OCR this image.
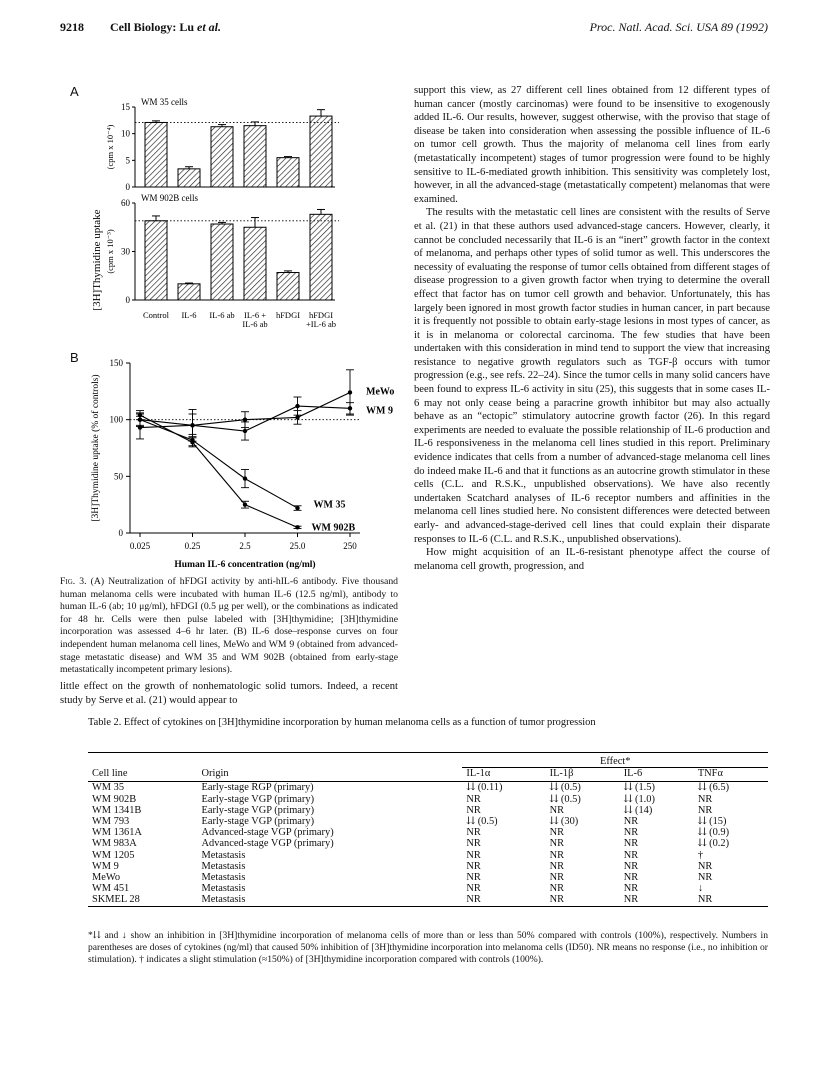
9218 Cell Biology: Lu et al.	Proc. Natl. Acad. Sci. USA 89 (1992)
A
B
[3H]Thymidine uptake
0
5
10
15 WM 35 cells
(cpm x 10⁻⁴)
0
30
60 WM 902B cells
(cpm x 10⁻³)
Control IL-6 IL-6 ab IL-6 +
IL-6 ab
hFDGI hFDGI
+IL-6 ab
0
50
100
150
0.025	0.25	2.5	25.0	250
Human IL-6 concentration (ng/ml)
[3H]Thymidine uptake (% of controls)	MeWo
WM 9
WM 35
WM 902B
Fig. 3. (A) Neutralization of hFDGI activity by anti-hIL-6 antibody. Five thousand human melanoma cells were incubated with human IL-6 (12.5 ng/ml), antibody to human IL-6 (ab; 10 μg/ml), hFDGI (0.5 μg per well), or the combinations as indicated for 48 hr. Cells were then pulse labeled with [3H]thymidine; [3H]thymidine incorporation was assessed 4–6 hr later. (B) IL-6 dose–response curves on four independent human melanoma cell lines, MeWo and WM 9 (obtained from advanced-stage metastatic disease) and WM 35 and WM 902B (obtained from early-stage metastatically incompetent primary lesions).

little effect on the growth of nonhematologic solid tumors. Indeed, a recent study by Serve et al. (21) would appear to

support this view, as 27 different cell lines obtained from 12 different types of human cancer (mostly carcinomas) were found to be insensitive to exogenously added IL-6. Our results, however, suggest otherwise, with the proviso that stage of disease be taken into consideration when assessing the possible influence of IL-6 on tumor cell growth. Thus the majority of melanoma cell lines from early (metastatically incompetent) stages of tumor progression were found to be highly sensitive to IL-6-mediated growth inhibition. This sensitivity was completely lost, however, in all the advanced-stage (metastatically competent) melanomas that were examined.

The results with the metastatic cell lines are consistent with the results of Serve et al. (21) in that these authors used advanced-stage cancers. However, clearly, it cannot be concluded necessarily that IL-6 is an “inert” growth factor in the context of melanoma, and perhaps other types of solid tumor as well. This underscores the necessity of evaluating the response of tumor cells obtained from different stages of disease progression to a given growth factor when trying to determine the overall effect that factor has on tumor cell growth and behavior. Unfortunately, this has largely been ignored in most growth factor studies in human cancer, in part because it is frequently not possible to obtain early-stage lesions in most types of cancer, as it is in melanoma or colorectal carcinoma. The few studies that have been undertaken with this consideration in mind tend to support the view that increasing resistance to negative growth regulators such as TGF-β occurs with tumor progression (e.g., see refs. 22–24). Since the tumor cells in many solid cancers have been found to express IL-6 activity in situ (25), this suggests that in some cases IL-6 may not only cease being a paracrine growth inhibitor but may also actually behave as an “ectopic” stimulatory autocrine growth factor (26). In this regard experiments are needed to evaluate the possible relationship of IL-6 production and IL-6 responsiveness in the melanoma cell lines studied in this report. Preliminary evidence indicates that cells from a number of advanced-stage melanoma cell lines do indeed make IL-6 and that it functions as an autocrine growth stimulator in these cells (C.L. and R.S.K., unpublished observations). We have also recently undertaken Scatchard analyses of IL-6 receptor numbers and affinities in the melanoma cell lines studied here. No consistent differences were detected between early- and advanced-stage-derived cell lines that could explain their disparate responses to IL-6 (C.L. and R.S.K., unpublished observations).

How might acquisition of an IL-6-resistant phenotype affect the course of melanoma cell growth, progression, and

Table 2. Effect of cytokines on [3H]thymidine incorporation by human melanoma cells as a function of tumor progression
		Effect*			
Cell line	Origin	IL-1α	IL-1β	IL-6	TNFα
WM 35	Early-stage RGP (primary)	⇊ (0.11)	⇊ (0.5)	⇊ (1.5)	⇊ (6.5)
WM 902B	Early-stage VGP (primary)	NR	⇊ (0.5)	⇊ (1.0)	NR
WM 1341B	Early-stage VGP (primary)	NR	NR	⇊ (14)	NR
WM 793	Early-stage VGP (primary)	⇊ (0.5)	⇊ (30)	NR	⇊ (15)
WM 1361A	Advanced-stage VGP (primary)	NR	NR	NR	⇊ (0.9)
WM 983A	Advanced-stage VGP (primary)	NR	NR	NR	⇊ (0.2)
WM 1205	Metastasis	NR	NR	NR	†
WM 9	Metastasis	NR	NR	NR	NR
MeWo	Metastasis	NR	NR	NR	NR
WM 451	Metastasis	NR	NR	NR	↓
SKMEL 28	Metastasis	NR	NR	NR	NR
*⇊ and ↓ show an inhibition in [3H]thymidine incorporation of melanoma cells of more than or less than 50% compared with controls (100%), respectively. Numbers in parentheses are doses of cytokines (ng/ml) that caused 50% inhibition of [3H]thymidine incorporation into melanoma cells (ID50). NR means no response (i.e., no inhibition or stimulation). † indicates a slight stimulation (≈150%) of [3H]thymidine incorporation compared with controls (100%).
